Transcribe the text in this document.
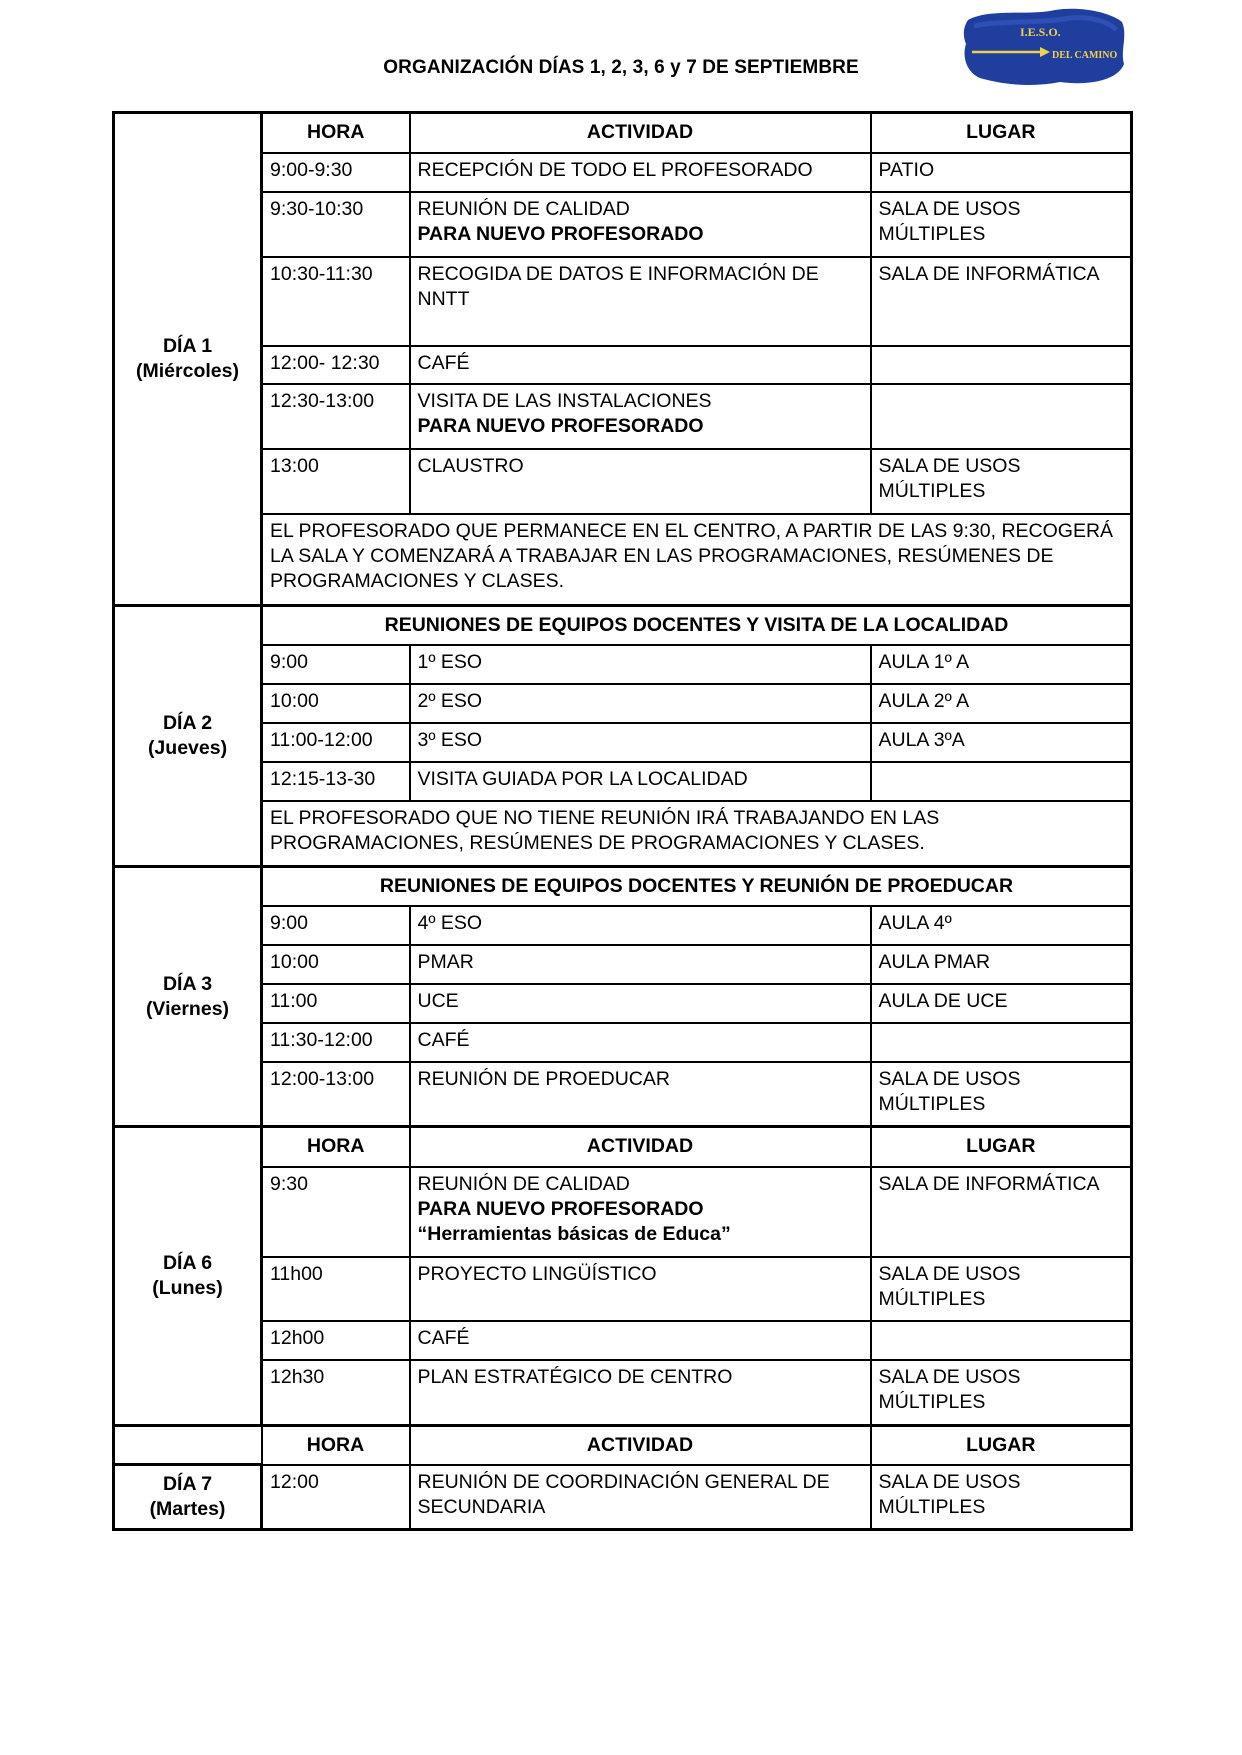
ORGANIZACIÓN DÍAS 1, 2, 3, 6 y 7 DE SEPTIEMBRE
I.E.S.O.
DEL CAMINO
DÍA 1
(Miércoles)	HORA	ACTIVIDAD	LUGAR
	9:00-9:30	RECEPCIÓN DE TODO EL PROFESORADO	PATIO
	9:30-10:30	REUNIÓN DE CALIDAD
PARA NUEVO PROFESORADO	SALA DE USOS MÚLTIPLES
	10:30-11:30	RECOGIDA DE DATOS E INFORMACIÓN DE NNTT	SALA DE INFORMÁTICA
	12:00- 12:30	CAFÉ	
	12:30-13:00	VISITA DE LAS INSTALACIONES
PARA NUEVO PROFESORADO	

	13:00	CLAUSTRO	SALA DE USOS MÚLTIPLES
	EL PROFESORADO QUE PERMANECE EN EL CENTRO, A PARTIR DE LAS 9:30, RECOGERÁ LA SALA Y COMENZARÁ A TRABAJAR EN LAS PROGRAMACIONES, RESÚMENES DE PROGRAMACIONES Y CLASES.		

DÍA 2
(Jueves)	REUNIONES DE EQUIPOS DOCENTES Y VISITA DE LA LOCALIDAD		
	9:00	1º ESO	AULA 1º A
	10:00	2º ESO	AULA 2º A
	11:00-12:00	3º ESO	AULA 3ºA
	12:15-13-30	VISITA GUIADA POR LA LOCALIDAD	
	EL PROFESORADO QUE NO TIENE REUNIÓN IRÁ TRABAJANDO EN LAS PROGRAMACIONES, RESÚMENES DE PROGRAMACIONES Y CLASES.		

DÍA 3
(Viernes)	REUNIONES DE EQUIPOS DOCENTES Y REUNIÓN DE PROEDUCAR		
	9:00	4º ESO	AULA 4º
	10:00	PMAR	AULA PMAR
	11:00	UCE	AULA DE UCE
	11:30-12:00	CAFÉ	
	12:00-13:00	REUNIÓN DE PROEDUCAR	SALA DE USOS MÚLTIPLES

DÍA 6
(Lunes)	HORA	ACTIVIDAD	LUGAR
	9:30	REUNIÓN DE CALIDAD
PARA NUEVO PROFESORADO
“Herramientas básicas de Educa”	SALA DE INFORMÁTICA
	11h00	PROYECTO LINGÜÍSTICO	SALA DE USOS MÚLTIPLES
	12h00	CAFÉ	
	12h30	PLAN ESTRATÉGICO DE CENTRO	SALA DE USOS MÚLTIPLES
	HORA	ACTIVIDAD	LUGAR

DÍA 7
(Martes)	12:00	REUNIÓN DE COORDINACIÓN GENERAL DE SECUNDARIA	SALA DE USOS MÚLTIPLES
